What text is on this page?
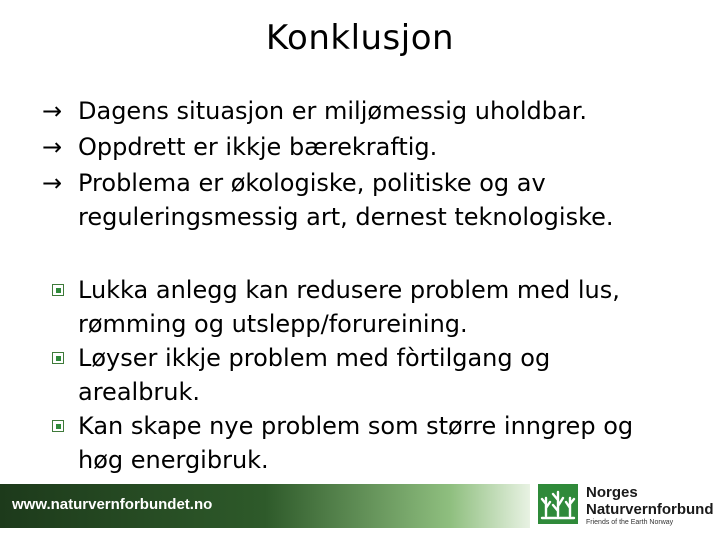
Konklusjon
→ Dagens situasjon er miljømessig uholdbar.
→ Oppdrett er ikkje bærekraftig.
→ Problema er økologiske, politiske og av
reguleringsmessig art, dernest teknologiske.
Lukka anlegg kan redusere problem med lus,
rømming og utslepp/forureining.
Løyser ikkje problem med fòrtilgang og
arealbruk.
Kan skape nye problem som større inngrep og
høg energibruk.
www.naturvernforbundet.no
Norges
Naturvernforbund
Friends of the Earth Norway
